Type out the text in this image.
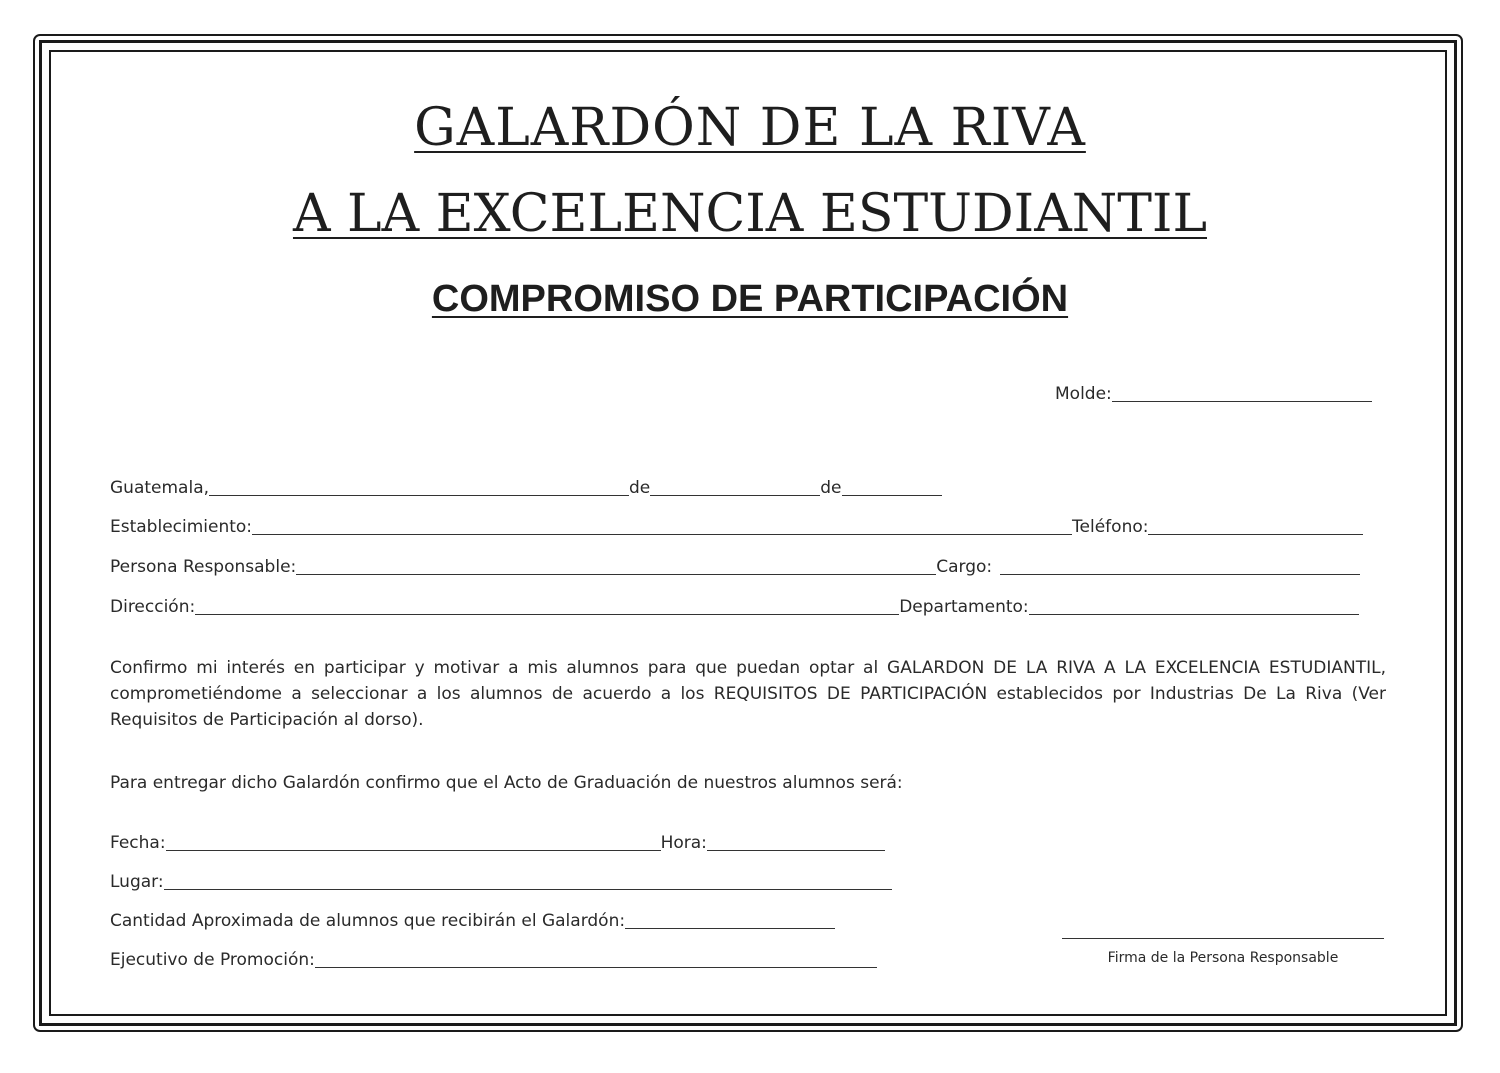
GALARDÓN DE LA RIVA
A LA EXCELENCIA ESTUDIANTIL
COMPROMISO DE PARTICIPACIÓN
Molde:
Guatemala,	de	de
Establecimiento:	Teléfono:
Persona Responsable:	Cargo:
Dirección:	Departamento:

Confirmo mi interés en participar y motivar a mis alumnos para que puedan optar al GALARDON DE LA RIVA A LA EXCELENCIA ESTUDIANTIL, comprometiéndome a seleccionar a los alumnos de acuerdo a los REQUISITOS DE PARTICIPACIÓN establecidos por Industrias De La Riva (Ver Requisitos de Participación al dorso).

Para entregar dicho Galardón confirmo que el Acto de Graduación de nuestros alumnos será:

Fecha:	Hora:
Lugar:
Cantidad Aproximada de alumnos que recibirán el Galardón:
Ejecutivo de Promoción:	Firma de la Persona Responsable
